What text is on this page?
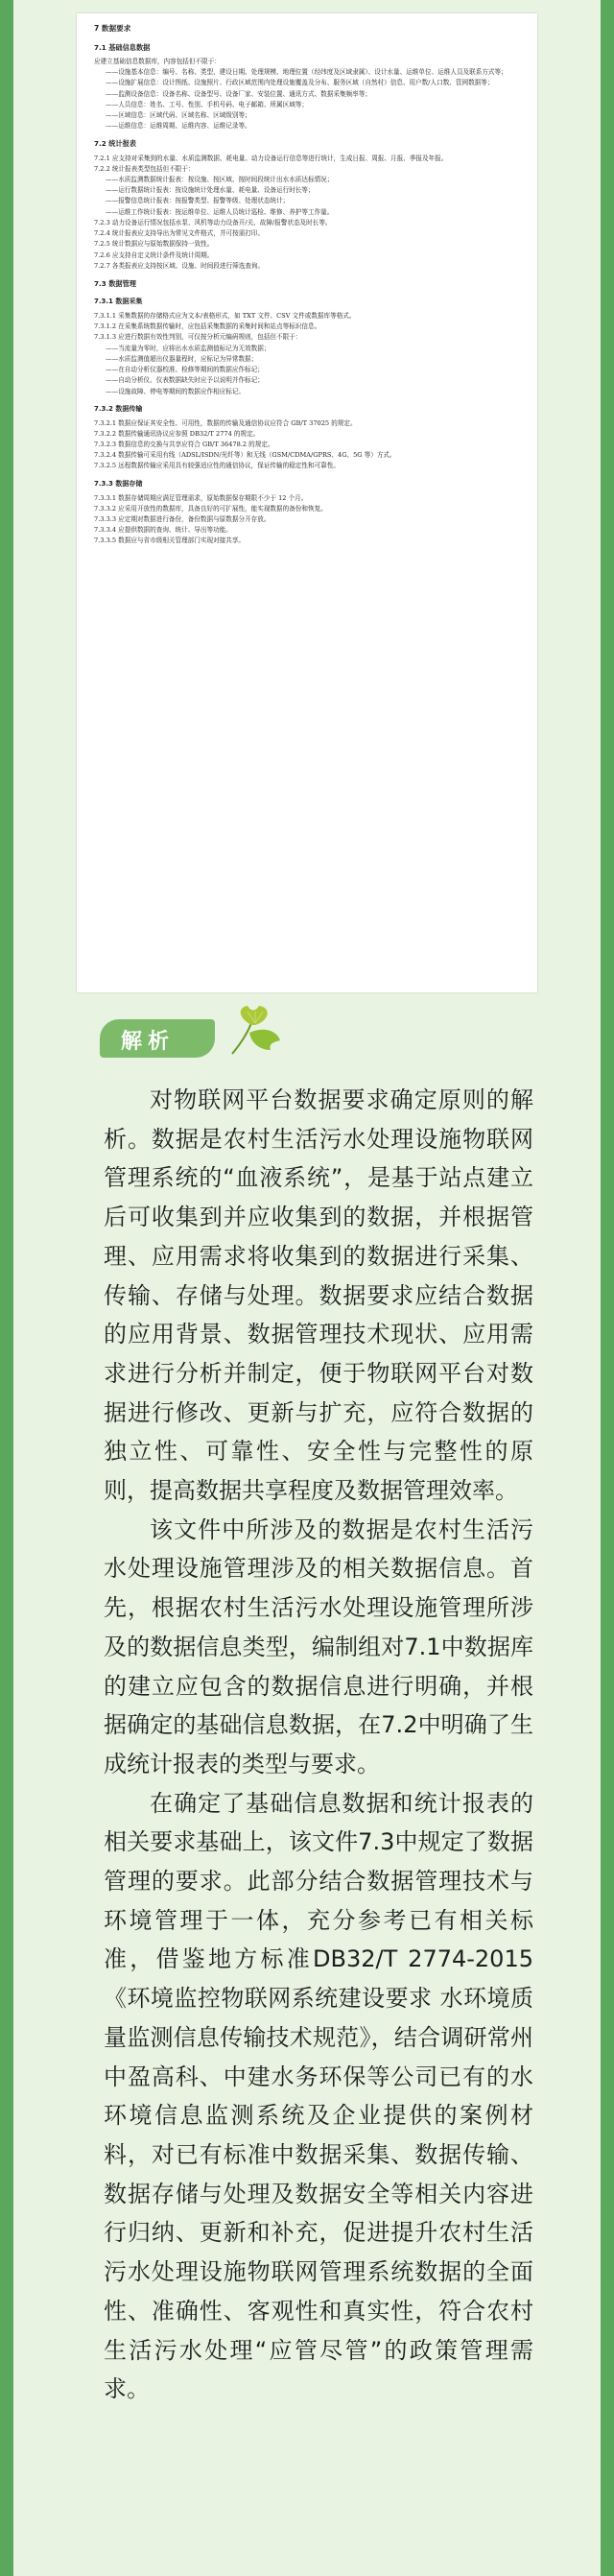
7 数据要求
7.1 基础信息数据
应建立基础信息数据库，内容包括但不限于：
——设施基本信息：编号、名称、类型、建设日期、处理规模、地理位置（经纬度及区域隶属）、设计水量、运维单位、运维人员及联系方式等；
——设施扩展信息：设计图纸、设施照片、行政区域范围内处理设施覆盖及分布、服务区域（自然村）信息、用户数/人口数、管网数据等；
——监测设备信息：设备名称、设备型号、设备厂家、安装位置、通讯方式、数据采集频率等；
——人员信息：姓名、工号、性别、手机号码、电子邮箱、所属区域等；
——区域信息：区域代码、区域名称、区域级别等；
——运维信息：运维周期、运维内容、运维记录等。
7.2 统计报表
7.2.1 应支持对采集到的水量、水质监测数据、耗电量、动力设备运行信息等进行统计，生成日报、周报、月报、季报及年报。
7.2.2 统计报表类型包括但不限于：
——水质监测数据统计报表：按设施、按区域、按时间段统计出水水质达标情况；
——运行数据统计报表：按设施统计处理水量、耗电量、设备运行时长等；
——报警信息统计报表：按报警类型、报警等级、处理状态统计；
——运维工作统计报表：按运维单位、运维人员统计巡检、维修、养护等工作量。
7.2.3 动力设备运行情况包括水泵、风机等动力设备开/关、故障/报警状态及时长等。
7.2.4 统计报表应支持导出为常见文件格式，并可按需打印。
7.2.5 统计数据应与原始数据保持一致性。
7.2.6 应支持自定义统计条件及统计周期。
7.2.7 各类报表应支持按区域、设施、时间段进行筛选查询。
7.3 数据管理
7.3.1 数据采集
7.3.1.1 采集数据的存储格式应为文本/表格形式，如 TXT 文件、CSV 文件或数据库等格式。
7.3.1.2 在采集系统数据传输时，应包括采集数据的采集时间和站点等标识信息。
7.3.1.3 应进行数据有效性判别，可仅按分析元编码规则，包括但不限于：
——当流量为零时，应将出水水质监测值标记为无效数据；
——水质监测值超出仪器量程时，应标记为异常数据；
——在自动分析仪器校准、检修等期间的数据应作标记；
——自动分析仪、仪表数据缺失时应予以说明并作标记；
——设施故障、停电等期间的数据应作相应标记。
7.3.2 数据传输
7.3.2.1 数据应保证其安全性、可用性，数据的传输及通信协议应符合 GB/T 37025 的规定。
7.3.2.2 数据传输通讯协议应参照 DB32/T 2774 的规定。
7.3.2.3 数据信息的交换与共享应符合 GB/T 36478.2 的规定。
7.3.2.4 数据传输可采用有线（ADSL/ISDN/光纤等）和无线（GSM/CDMA/GPRS、4G、5G 等）方式。
7.3.2.5 远程数据传输应采用具有较强适应性的通信协议，保证传输的稳定性和可靠性。
7.3.3 数据存储
7.3.3.1 数据存储周期应满足管理需求，原始数据保存期限不少于 12 个月。
7.3.3.2 应采用开放性的数据库，具备良好的可扩展性，能实现数据的备份和恢复。
7.3.3.3 应定期对数据进行备份，备份数据与原数据分开存放。
7.3.3.4 应提供数据的查询、统计、导出等功能。
7.3.3.5 数据应与省市级相关管理部门实现对接共享。
解析

对物联网平台数据要求确定原则的解析。数据是农村生活污水处理设施物联网管理系统的“血液系统”，是基于站点建立后可收集到并应收集到的数据，并根据管理、应用需求将收集到的数据进行采集、传输、存储与处理。数据要求应结合数据的应用背景、数据管理技术现状、应用需求进行分析并制定，便于物联网平台对数据进行修改、更新与扩充，应符合数据的独立性、可靠性、安全性与完整性的原则，提高数据共享程度及数据管理效率。

该文件中所涉及的数据是农村生活污水处理设施管理涉及的相关数据信息。首先，根据农村生活污水处理设施管理所涉及的数据信息类型，编制组对7.1中数据库的建立应包含的数据信息进行明确，并根据确定的基础信息数据，在7.2中明确了生成统计报表的类型与要求。

在确定了基础信息数据和统计报表的相关要求基础上，该文件7.3中规定了数据管理的要求。此部分结合数据管理技术与环境管理于一体，充分参考已有相关标准，借鉴地方标准DB32/T 2774-2015《环境监控物联网系统建设要求 水环境质量监测信息传输技术规范》，结合调研常州中盈高科、中建水务环保等公司已有的水环境信息监测系统及企业提供的案例材料，对已有标准中数据采集、数据传输、数据存储与处理及数据安全等相关内容进行归纳、更新和补充，促进提升农村生活污水处理设施物联网管理系统数据的全面性、准确性、客观性和真实性，符合农村生活污水处理“应管尽管”的政策管理需求。
